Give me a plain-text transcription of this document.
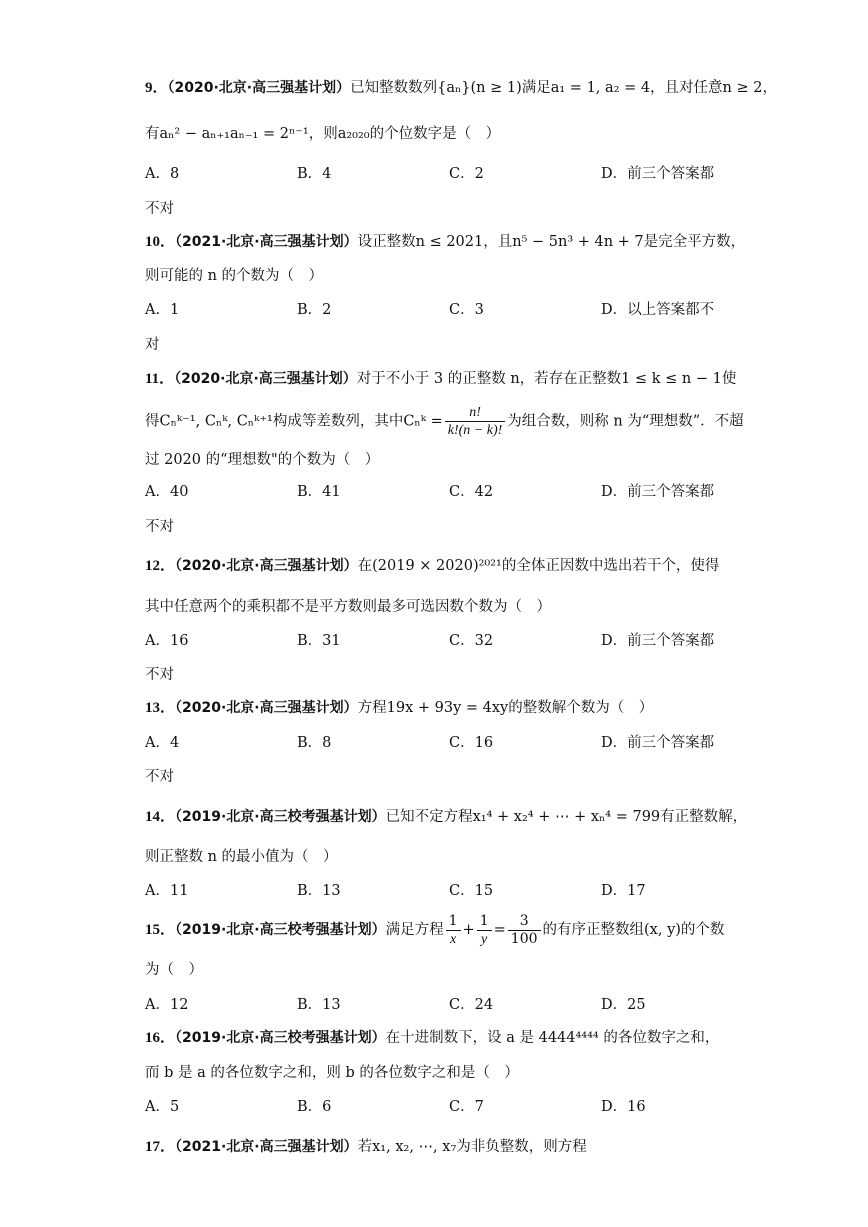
9．（2020·北京·高三强基计划）已知整数数列{aₙ}(n ≥ 1)满足a₁ = 1, a₂ = 4，且对任意n ≥ 2，
有aₙ² − aₙ₊₁aₙ₋₁ = 2ⁿ⁻¹，则a₂₀₂₀的个位数字是（　）
A．8	B．4	C．2	D．前三个答案都
不对
10．（2021·北京·高三强基计划）设正整数n ≤ 2021，且n⁵ − 5n³ + 4n + 7是完全平方数，
则可能的 n 的个数为（　）
A．1	B．2	C．3	D．以上答案都不
对
11．（2020·北京·高三强基计划）对于不小于 3 的正整数 n，若存在正整数1 ≤ k ≤ n − 1使
得Cₙᵏ⁻¹, Cₙᵏ, Cₙᵏ⁺¹构成等差数列，其中Cₙᵏ = $\frac{n!}{k!(n - k)!}$ 为组合数，则称 n 为“理想数”．不超
过 2020 的“理想数"的个数为（　）
A．40	B．41	C．42	D．前三个答案都
不对
12．（2020·北京·高三强基计划）在(2019 × 2020)²⁰²¹的全体正因数中选出若干个，使得
其中任意两个的乘积都不是平方数则最多可选因数个数为（　）
A．16	B．31	C．32	D．前三个答案都
不对
13．（2020·北京·高三强基计划）方程19x + 93y = 4xy的整数解个数为（　）
A．4	B．8	C．16	D．前三个答案都
不对
14．（2019·北京·高三校考强基计划）已知不定方程x₁⁴ + x₂⁴ + ⋯ + xₙ⁴ = 799有正整数解，
则正整数 n 的最小值为（　）
A．11	B．13	C．15	D．17
15．（2019·北京·高三校考强基计划）满足方程 $\frac{1}{x} + \frac{1}{y} = \frac{3}{100}$ 的有序正整数组(x, y)的个数
为（　）
A．12	B．13	C．24	D．25
16．（2019·北京·高三校考强基计划）在十进制数下，设 a 是 4444⁴⁴⁴⁴ 的各位数字之和，
而 b 是 a 的各位数字之和，则 b 的各位数字之和是（　）
A．5	B．6	C．7	D．16
17．（2021·北京·高三强基计划）若x₁, x₂, ⋯, x₇为非负整数，则方程
